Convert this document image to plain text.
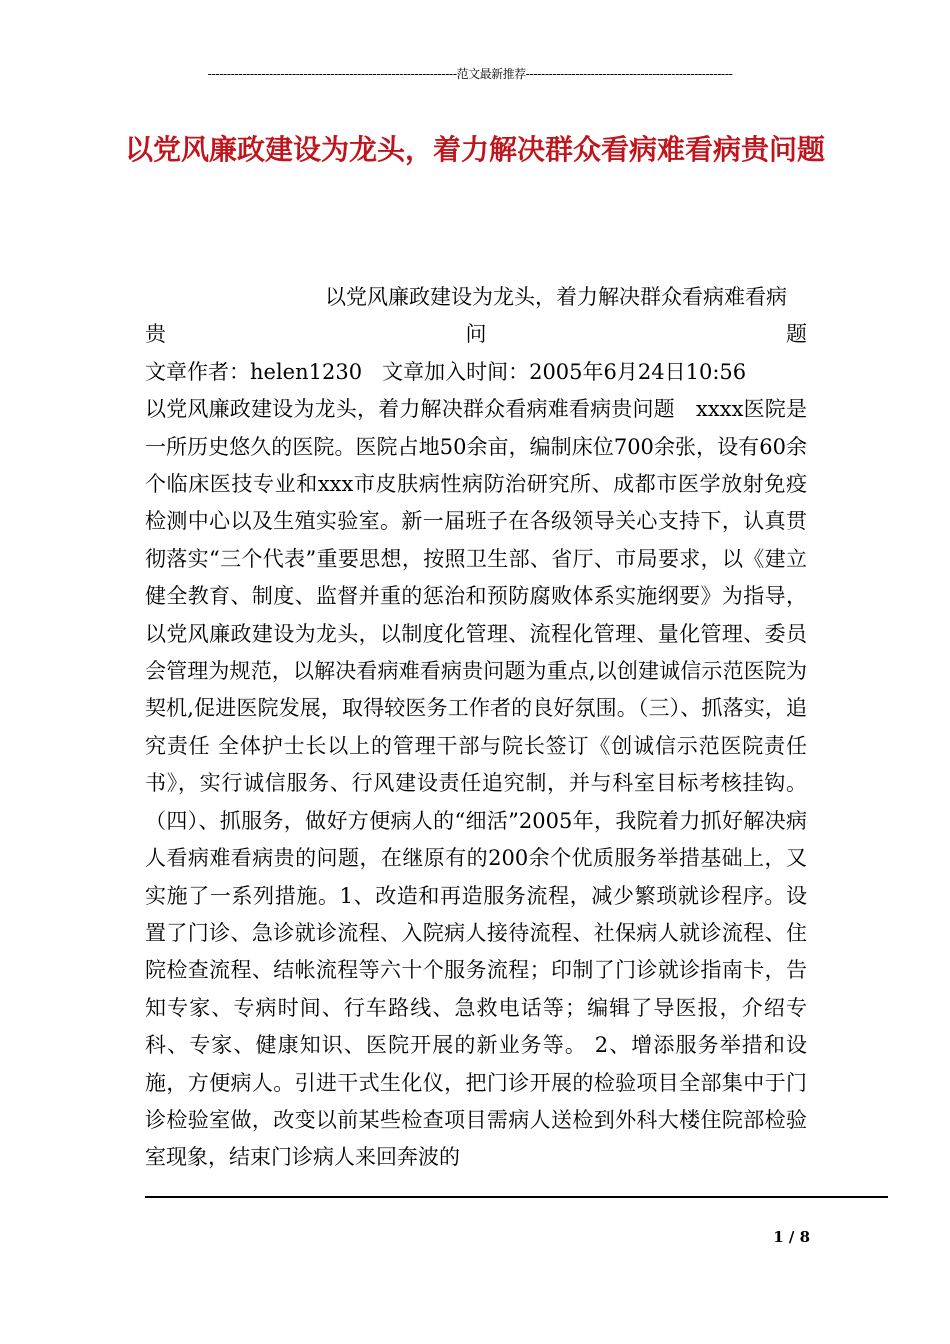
-----------------------------------------------------------------范文最新推荐------------------------------------------------------
以党风廉政建设为龙头，着力解决群众看病难看病贵问题
以党风廉政建设为龙头，着力解决群众看病难看病
贵	问	题
文章作者：helen1230 文章加入时间：2005年6月24日10:56
以党风廉政建设为龙头，着力解决群众看病难看病贵问题　xxxx医院是一所历史悠久的医院。医院占地50余亩，编制床位700余张，设有60余个临床医技专业和xxx市皮肤病性病防治研究所、成都市医学放射免疫检测中心以及生殖实验室。新一届班子在各级领导关心支持下，认真贯彻落实“三个代表”重要思想，按照卫生部、省厅、市局要求，以《建立健全教育、制度、监督并重的惩治和预防腐败体系实施纲要》为指导，以党风廉政建设为龙头，以制度化管理、流程化管理、量化管理、委员会管理为规范，以解决看病难看病贵问题为重点,以创建诚信示范医院为契机,促进医院发展，取得较医务工作者的良好氛围。（三）、抓落实，追究责任 全体护士长以上的管理干部与院长签订《创诚信示范医院责任书》，实行诚信服务、行风建设责任追究制，并与科室目标考核挂钩。（四）、抓服务，做好方便病人的“细活”2005年，我院着力抓好解决病人看病难看病贵的问题，在继原有的200余个优质服务举措基础上，又实施了一系列措施。1、改造和再造服务流程，减少繁琐就诊程序。设置了门诊、急诊就诊流程、入院病人接待流程、社保病人就诊流程、住院检查流程、结帐流程等六十个服务流程；印制了门诊就诊指南卡，告知专家、专病时间、行车路线、急救电话等；编辑了导医报，介绍专科、专家、健康知识、医院开展的新业务等。 2、增添服务举措和设施，方便病人。引进干式生化仪，把门诊开展的检验项目全部集中于门诊检验室做，改变以前某些检查项目需病人送检到外科大楼住院部检验室现象，结束门诊病人来回奔波的
1 / 8
